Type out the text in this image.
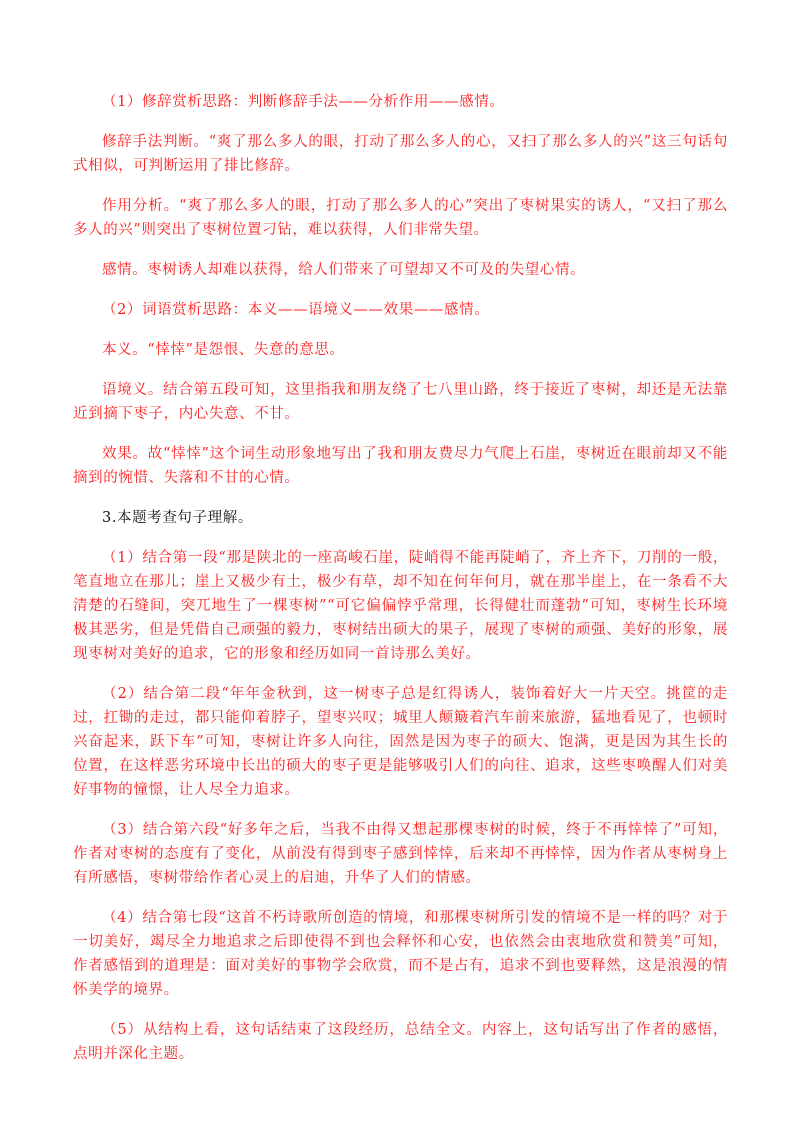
（1）修辞赏析思路：判断修辞手法——分析作用——感情。

修辞手法判断。“爽了那么多人的眼，打动了那么多人的心，又扫了那么多人的兴”这三句话句式相似，可判断运用了排比修辞。

作用分析。“爽了那么多人的眼，打动了那么多人的心”突出了枣树果实的诱人，“又扫了那么多人的兴”则突出了枣树位置刁钻，难以获得，人们非常失望。

感情。枣树诱人却难以获得，给人们带来了可望却又不可及的失望心情。

（2）词语赏析思路：本义——语境义——效果——感情。

本义。“悻悻”是怨恨、失意的意思。

语境义。结合第五段可知，这里指我和朋友绕了七八里山路，终于接近了枣树，却还是无法靠近到摘下枣子，内心失意、不甘。

效果。故“悻悻”这个词生动形象地写出了我和朋友费尽力气爬上石崖，枣树近在眼前却又不能摘到的惋惜、失落和不甘的心情。

3.本题考查句子理解。

（1）结合第一段“那是陕北的一座高峻石崖，陡峭得不能再陡峭了，齐上齐下，刀削的一般，笔直地立在那儿；崖上又极少有土，极少有草，却不知在何年何月，就在那半崖上，在一条看不大清楚的石缝间，突兀地生了一棵枣树”“可它偏偏悖乎常理，长得健壮而蓬勃”可知，枣树生长环境极其恶劣，但是凭借自己顽强的毅力，枣树结出硕大的果子，展现了枣树的顽强、美好的形象，展现枣树对美好的追求，它的形象和经历如同一首诗那么美好。

（2）结合第二段“年年金秋到，这一树枣子总是红得诱人，装饰着好大一片天空。挑筐的走过，扛锄的走过，都只能仰着脖子，望枣兴叹；城里人颠簸着汽车前来旅游，猛地看见了，也顿时兴奋起来，跃下车”可知，枣树让许多人向往，固然是因为枣子的硕大、饱满，更是因为其生长的位置，在这样恶劣环境中长出的硕大的枣子更是能够吸引人们的向往、追求，这些枣唤醒人们对美好事物的憧憬，让人尽全力追求。

（3）结合第六段“好多年之后，当我不由得又想起那棵枣树的时候，终于不再悻悻了”可知，作者对枣树的态度有了变化，从前没有得到枣子感到悻悻，后来却不再悻悻，因为作者从枣树身上有所感悟，枣树带给作者心灵上的启迪，升华了人们的情感。

（4）结合第七段“这首不朽诗歌所创造的情境，和那棵枣树所引发的情境不是一样的吗？对于一切美好，竭尽全力地追求之后即使得不到也会释怀和心安，也依然会由衷地欣赏和赞美”可知，作者感悟到的道理是：面对美好的事物学会欣赏，而不是占有，追求不到也要释然，这是浪漫的情怀美学的境界。

（5）从结构上看，这句话结束了这段经历，总结全文。内容上，这句话写出了作者的感悟，点明并深化主题。
